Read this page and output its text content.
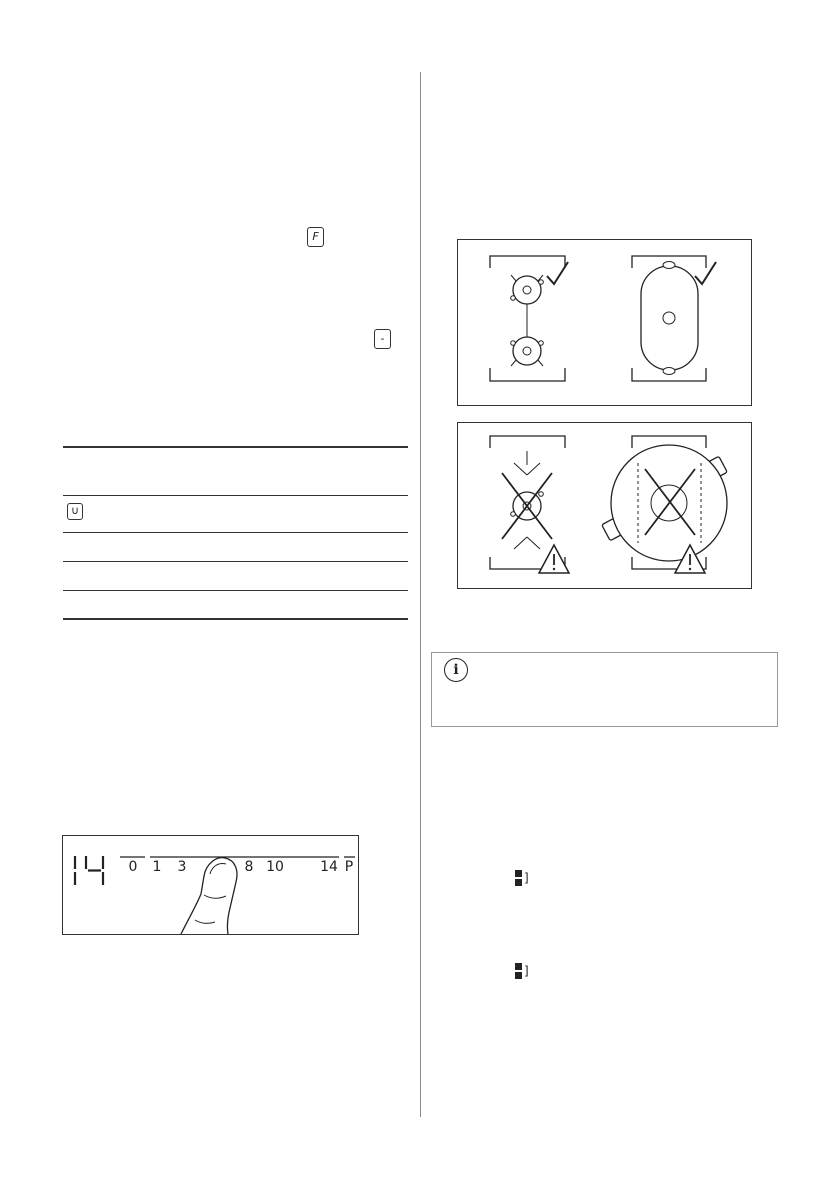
F
-
∪
0 1 3	8 10	14 P
i
]
]
